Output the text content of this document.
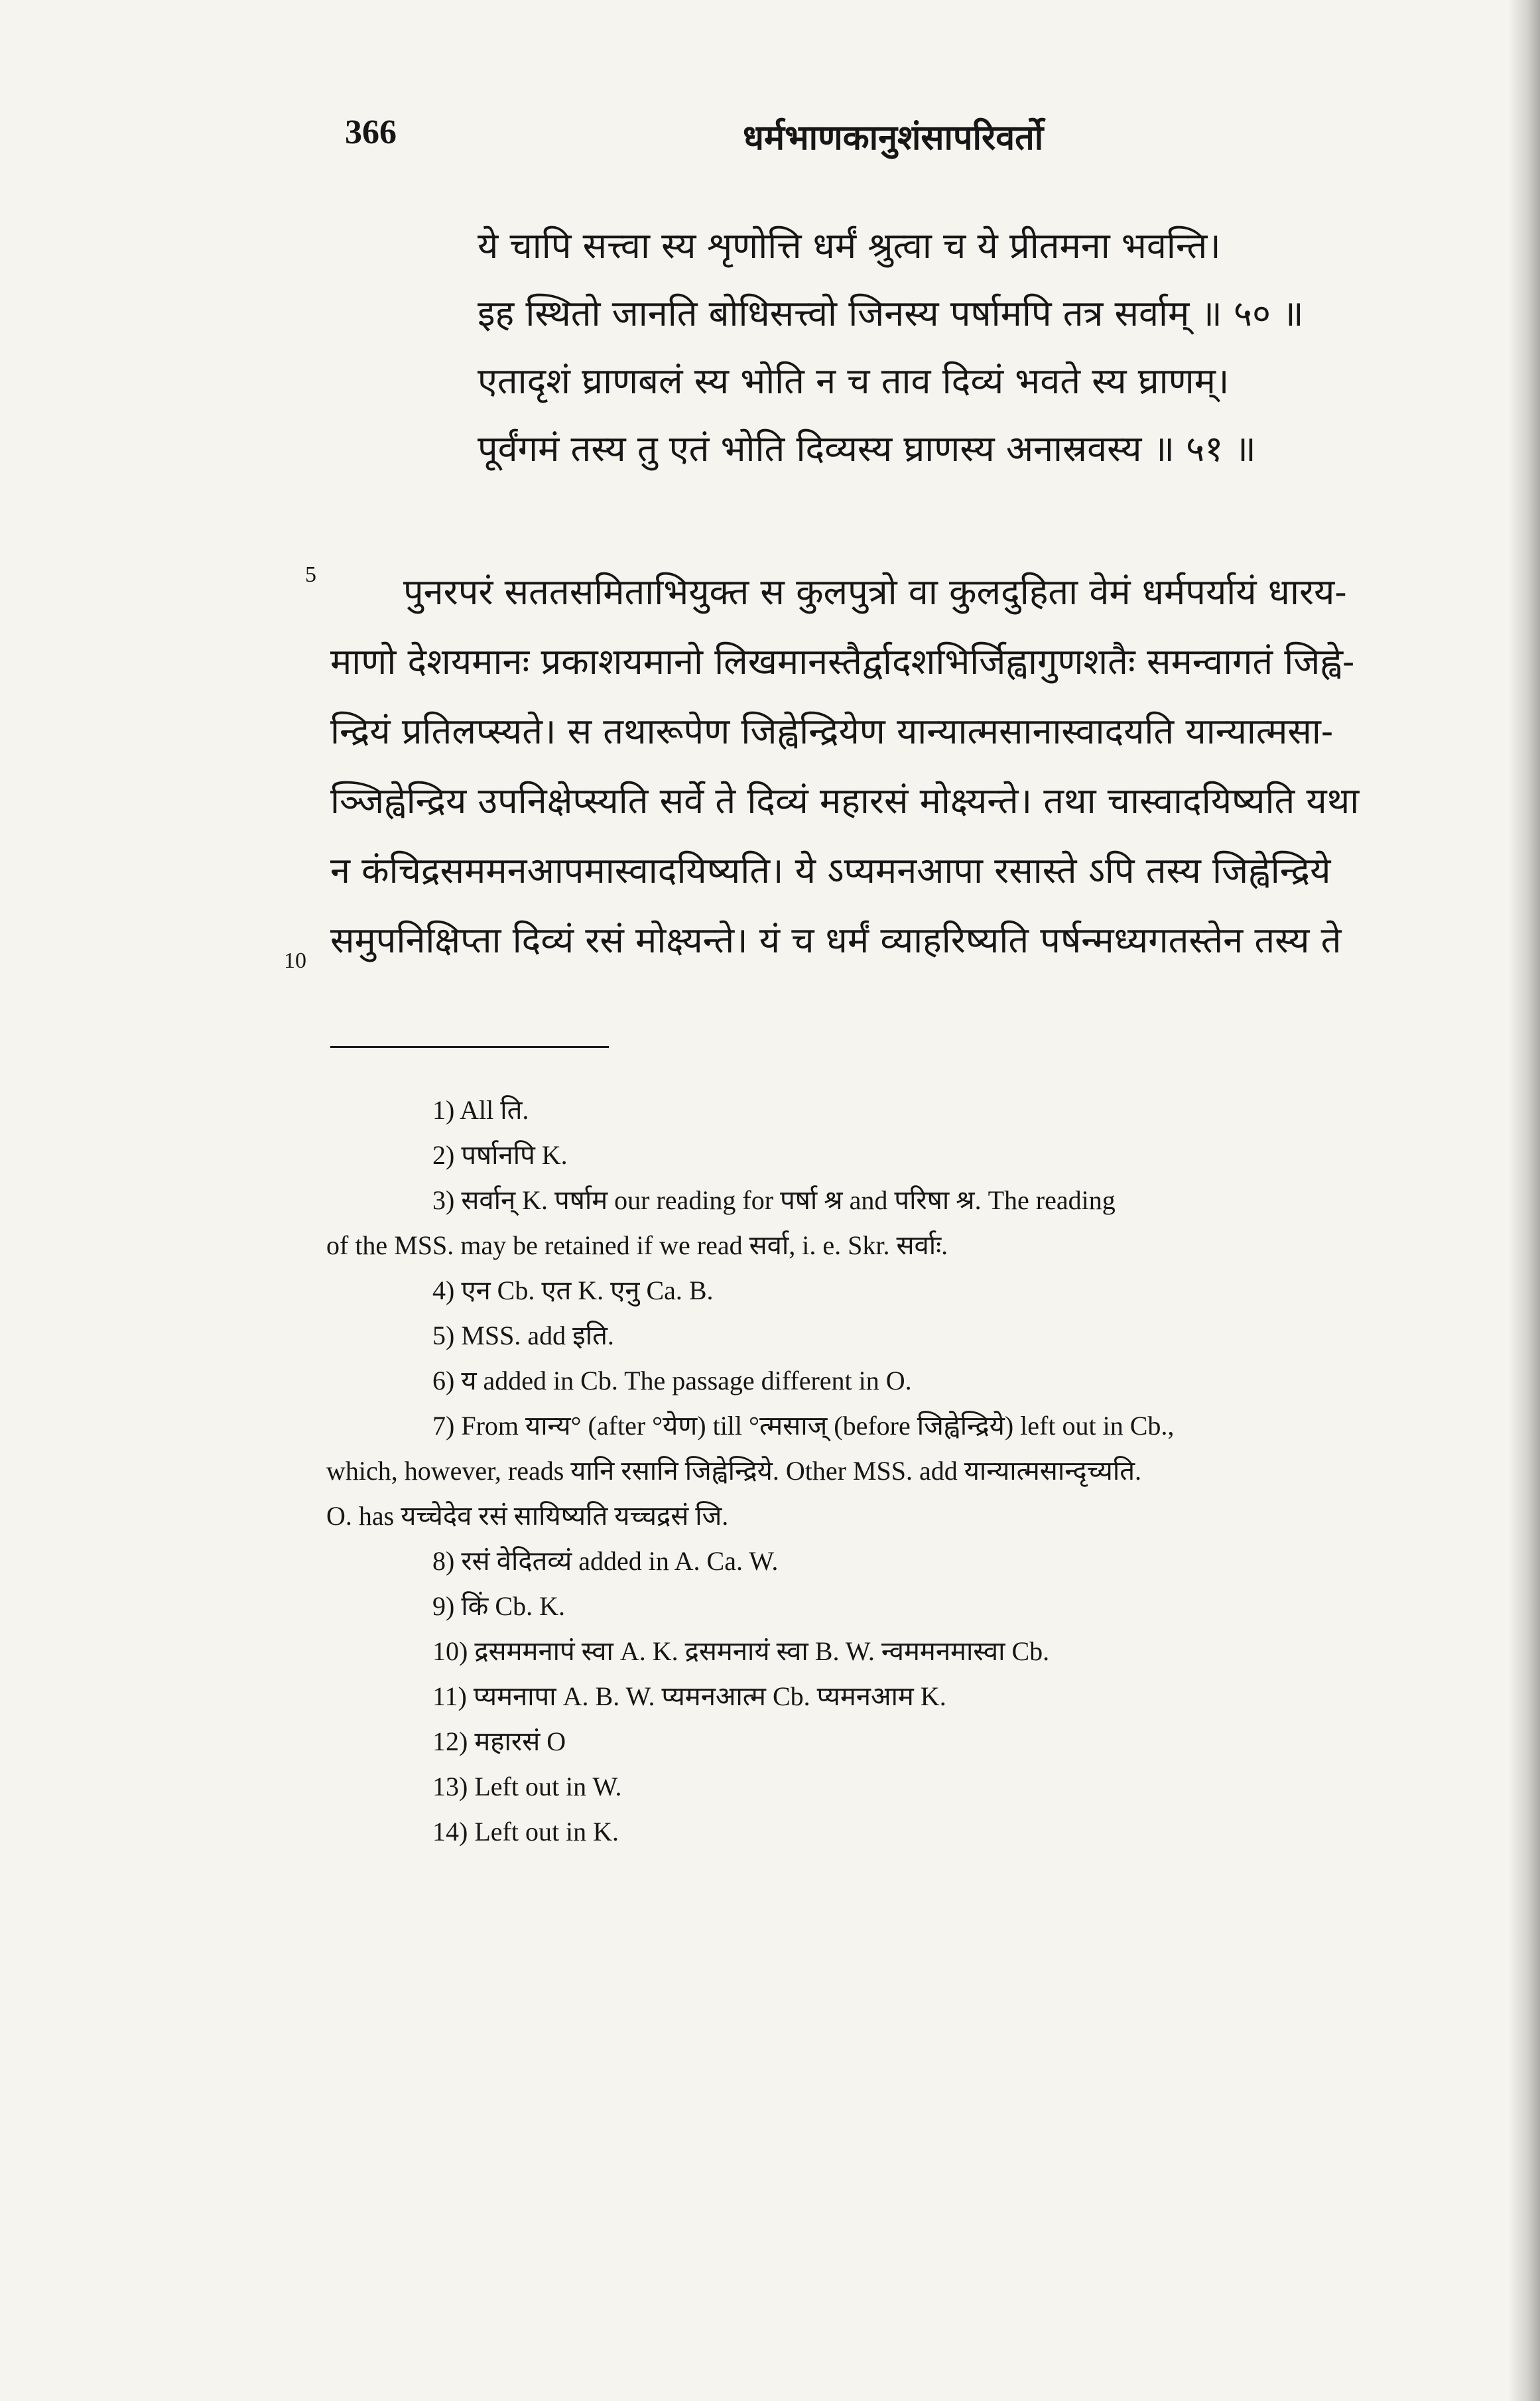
366	धर्मभाणकानुशंसापरिवर्तो
ये चापि सत्त्वा स्य शृणोत्ति धर्मं श्रुत्वा च ये प्रीतमना भवन्ति।
इह स्थितो जानति बोधिसत्त्वो जिनस्य पर्षामपि तत्र सर्वाम् ॥ ५० ॥
एतादृशं घ्राणबलं स्य भोति न च ताव दिव्यं भवते स्य घ्राणम्।
पूर्वंगमं तस्य तु एतं भोति दिव्यस्य घ्राणस्य अनास्रवस्य ॥ ५१ ॥
5
10
पुनरपरं सततसमिताभियुक्त स कुलपुत्रो वा कुलदुहिता वेमं धर्मपर्यायं धारय-
माणो देशयमानः प्रकाशयमानो लिखमानस्तैर्द्वादशभिर्जिह्वागुणशतैः समन्वागतं जिह्वे-
न्द्रियं प्रतिलप्स्यते। स तथारूपेण जिह्वेन्द्रियेण यान्यात्मसानास्वादयति यान्यात्मसा-
ञ्जिह्वेन्द्रिय उपनिक्षेप्स्यति सर्वे ते दिव्यं महारसं मोक्ष्यन्ते। तथा चास्वादयिष्यति यथा
न कंचिद्रसममनआपमास्वादयिष्यति। ये ऽप्यमनआपा रसास्ते ऽपि तस्य जिह्वेन्द्रिये
समुपनिक्षिप्ता दिव्यं रसं मोक्ष्यन्ते। यं च धर्मं व्याहरिष्यति पर्षन्मध्यगतस्तेन तस्य ते
1) All ति.
2) पर्षानपि K.
3) सर्वान् K. पर्षाम our reading for पर्षा श्र and परिषा श्र. The reading
of the MSS. may be retained if we read सर्वा, i. e. Skr. सर्वाः.
4) एन Cb. एत K. एनु Ca. B.
5) MSS. add इति.
6) य added in Cb. The passage different in O.
7) From यान्य° (after °येण) till °त्मसाज् (before जिह्वेन्द्रिये) left out in Cb.,
which, however, reads यानि रसानि जिह्वेन्द्रिये. Other MSS. add यान्यात्मसान्दृच्यति.
O. has यच्चेदेव रसं सायिष्यति यच्चद्रसं जि.
8) रसं वेदितव्यं added in A. Ca. W.
9) किं Cb. K.
10) द्रसममनापं स्वा A. K. द्रसमनायं स्वा B. W. न्वममनमास्वा Cb.
11) प्यमनापा A. B. W. प्यमनआत्म Cb. प्यमनआम K.
12) महारसं O
13) Left out in W.
14) Left out in K.
